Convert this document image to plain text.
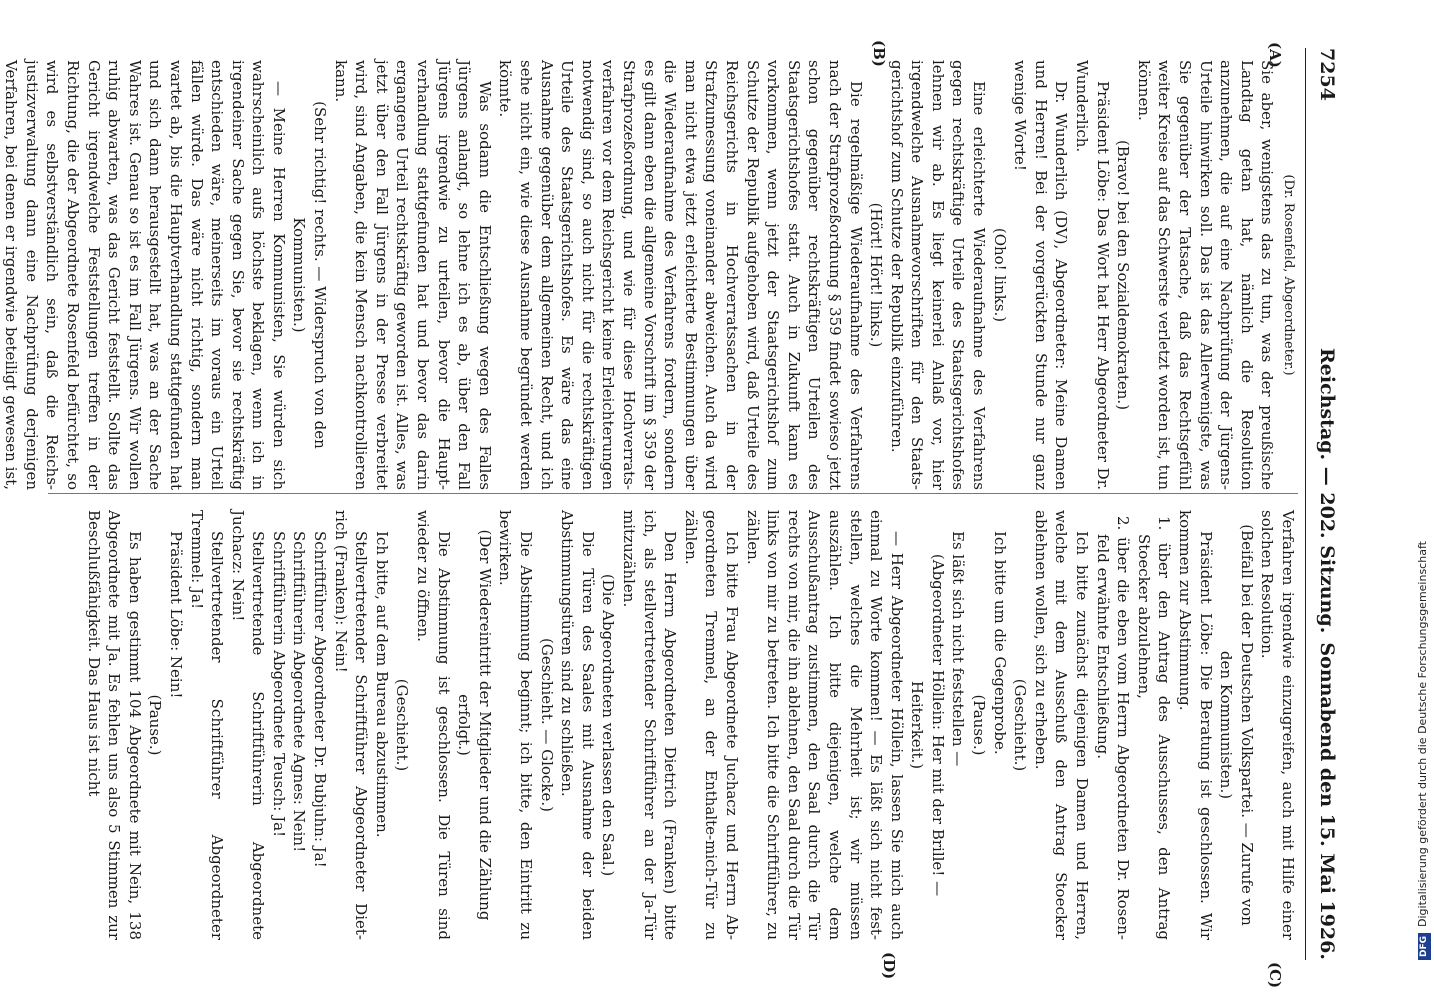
7254
Reichstag. — 202. Sitzung.
Sonnabend den 15. Mai 1926.
(A)
(B)
(C)
(D)

(Dr. Rosenfeld, Abgeordneter.)

Sie aber, wenigstens das zu tun, was der preußische Landtag getan hat, nämlich die Resolution anzunehmen, die auf eine Nachprüfung der Jürgens-Urteile hinwirken soll. Das ist das Allerwenigste, was Sie gegenüber der Tatsache, daß das Rechtsgefühl weiter Kreise auf das Schwerste verletzt worden ist, tun können.

(Bravo! bei den Sozialdemokraten.)

Präsident Löbe: Das Wort hat Herr Abgeordneter Dr. Wunderlich.

Dr. Wunderlich (DV), Abgeordneter: Meine Damen und Herren! Bei der vorgerückten Stunde nur ganz wenige Worte!

(Oho! links.)

Eine erleichterte Wiederaufnahme des Verfahrens gegen rechtskräftige Urteile des Staatsgerichtshofes lehnen wir ab. Es liegt keinerlei Anlaß vor, hier irgendwelche Ausnahmevorschriften für den Staatsgerichtshof zum Schutze der Republik einzuführen.

(Hört! Hört! links.)

Die regelmäßige Wiederaufnahme des Verfahrens nach der Strafprozeßordnung § 359 findet sowieso jetzt schon gegenüber rechtskräftigen Urteilen des Staatsgerichtshofes statt. Auch in Zukunft kann es vorkommen, wenn jetzt der Staatsgerichtshof zum Schutze der Republik aufgehoben wird, daß Urteile des Reichsgerichts in Hochverratssachen in der Strafzumessung voneinander abweichen. Auch da wird man nicht etwa jetzt erleichterte Bestimmungen über die Wiederaufnahme des Verfahrens fordern, sondern es gilt dann eben die allgemeine Vorschrift im § 359 der Strafprozeßordnung, und wie für diese Hochverratsverfahren vor dem Reichsgericht keine Erleichterungen notwendig sind, so auch nicht für die rechtskräftigen Urteile des Staatsgerichtshofes. Es wäre das eine Ausnahme gegenüber dem allgemeinen Recht, und ich sehe nicht ein, wie diese Ausnahme begründet werden könnte.

Was sodann die Entschließung wegen des Falles Jürgens anlangt, so lehne ich es ab, über den Fall Jürgens irgendwie zu urteilen, bevor die Hauptverhandlung stattgefunden hat und bevor das darin ergangene Urteil rechtskräftig geworden ist. Alles, was jetzt über den Fall Jürgens in der Presse verbreitet wird, sind Angaben, die kein Mensch nachkontrollieren kann.

(Sehr richtig! rechts. — Widerspruch von den Kommunisten.)

— Meine Herren Kommunisten, Sie würden sich wahrscheinlich aufs höchste beklagen, wenn ich in irgendeiner Sache gegen Sie, bevor sie rechtskräftig entschieden wäre, meinerseits im voraus ein Urteil fällen würde. Das wäre nicht richtig, sondern man wartet ab, bis die Hauptverhandlung stattgefunden hat und sich dann herausgestellt hat, was an der Sache Wahres ist. Genau so ist es im Fall Jürgens. Wir wollen ruhig abwarten, was das Gericht feststellt. Sollte das Gericht irgendwelche Feststellungen treffen in der Richtung, die der Abgeordnete Rosenfeld befürchtet, so wird es selbstverständlich sein, daß die Reichsjustizverwaltung dann eine Nachprüfung derjenigen Verfahren, bei denen er irgendwie beteiligt gewesen ist,

Verfahren irgendwie einzugreifen, auch mit Hilfe einer solchen Resolution.

(Beifall bei der Deutschen Volkspartei. — Zurufe von den Kommunisten.)

Präsident Löbe: Die Beratung ist geschlossen. Wir kommen zur Abstimmung.

1. über den Antrag des Ausschusses, den Antrag Stoecker abzulehnen,

2. über die eben vom Herrn Abgeordneten Dr. Rosenfeld erwähnte Entschließung.

Ich bitte zunächst diejenigen Damen und Herren, welche mit dem Ausschuß den Antrag Stoecker ablehnen wollen, sich zu erheben.

(Geschieht.)

Ich bitte um die Gegenprobe.

(Pause.)

Es läßt sich nicht feststellen —

(Abgeordneter Höllein: Her mit der Brille! — Heiterkeit.)

— Herr Abgeordneter Höllein, lassen Sie mich auch einmal zu Worte kommen! — Es läßt sich nicht feststellen, welches die Mehrheit ist; wir müssen auszählen. Ich bitte diejenigen, welche dem Ausschußantrag zustimmen, den Saal durch die Tür rechts von mir, die ihn ablehnen, den Saal durch die Tür links von mir zu betreten. Ich bitte die Schriftführer, zu zählen.

Ich bitte Frau Abgeordnete Juchacz und Herrn Abgeordneten Tremmel, an der Enthalte-mich-Tür zu zählen.

Den Herrn Abgeordneten Dietrich (Franken) bitte ich, als stellvertretender Schriftführer an der Ja-Tür mitzuzählen.

(Die Abgeordneten verlassen den Saal.)

Die Türen des Saales mit Ausnahme der beiden Abstimmungstüren sind zu schließen.

(Geschieht. — Glocke.)

Die Abstimmung beginnt; ich bitte, den Eintritt zu bewirken.

(Der Wiedereintritt der Mitglieder und die Zählung erfolgt.)

Die Abstimmung ist geschlossen. Die Türen sind wieder zu öffnen.

(Geschieht.)

Ich bitte, auf dem Bureau abzustimmen.

Stellvertretender Schriftführer Abgeordneter Dietrich (Franken): Nein!

Schriftführer Abgeordneter Dr. Bubjuhn: Ja!

Schriftführerin Abgeordnete Agnes: Nein!

Schriftführerin Abgeordnete Teusch: Ja!

Stellvertretende Schriftführerin Abgeordnete Juchacz: Nein!

Stellvertretender Schriftführer Abgeordneter Tremmel: Ja!

Präsident Löbe: Nein!

(Pause.)

Es haben gestimmt 104 Abgeordnete mit Nein, 138 Abgeordnete mit Ja. Es fehlen uns also 5 Stimmen zur Beschlußfähigkeit. Das Haus ist nicht

DFGDigitalisierung gefördert durch die Deutsche Forschungsgemeinschaft
